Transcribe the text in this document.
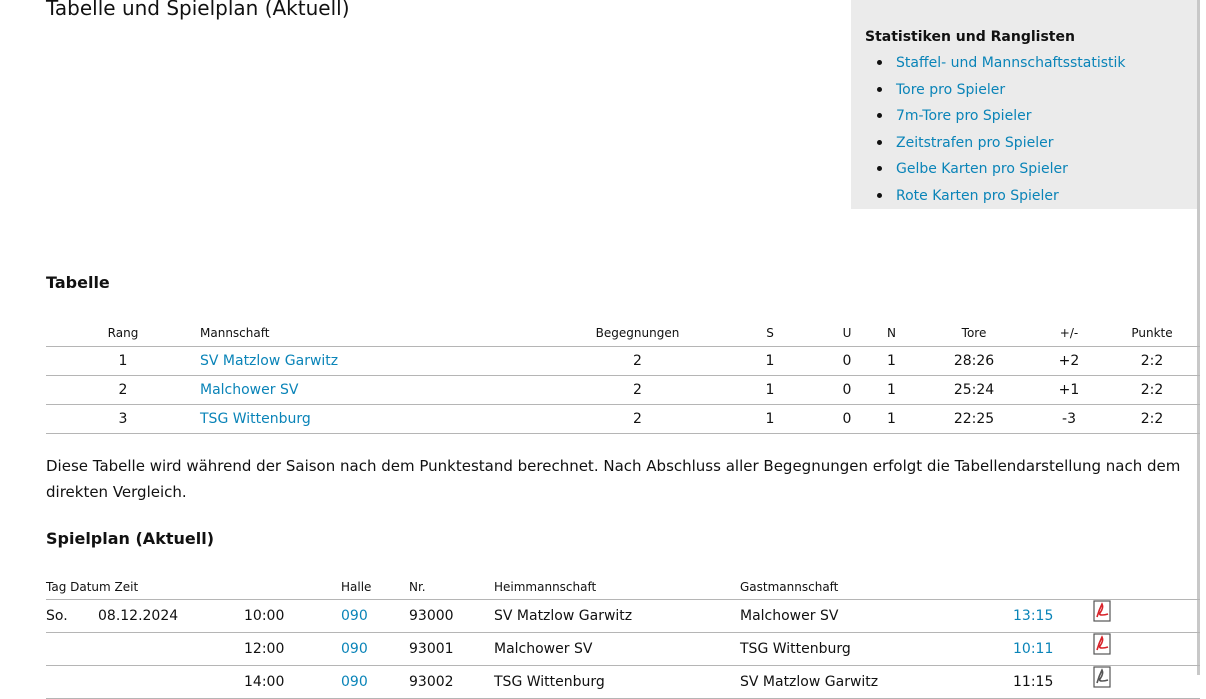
Tabelle und Spielplan (Aktuell)
Statistiken und Ranglisten
Staffel- und Mannschaftsstatistik
Tore pro Spieler
7m-Tore pro Spieler
Zeitstrafen pro Spieler
Gelbe Karten pro Spieler
Rote Karten pro Spieler
Tabelle
Rang	Mannschaft	Begegnungen	S	U	N	Tore	+/-	Punkte
1	SV Matzlow Garwitz	2	1	0	1	28:26	+2	2:2
2	Malchower SV	2	1	0	1	25:24	+1	2:2
3	TSG Wittenburg	2	1	0	1	22:25	-3	2:2

Diese Tabelle wird während der Saison nach dem Punktestand berechnet. Nach Abschluss aller Begegnungen erfolgt die Tabellendarstellung nach dem direkten Vergleich.

Spielplan (Aktuell)
Tag Datum Zeit			Halle	Nr.	Heimmannschaft	Gastmannschaft		
So.	08.12.2024	10:00	090	93000	SV Matzlow Garwitz	Malchower SV	13:15	
		12:00	090	93001	Malchower SV	TSG Wittenburg	10:11	
		14:00	090	93002	TSG Wittenburg	SV Matzlow Garwitz	11:15	
